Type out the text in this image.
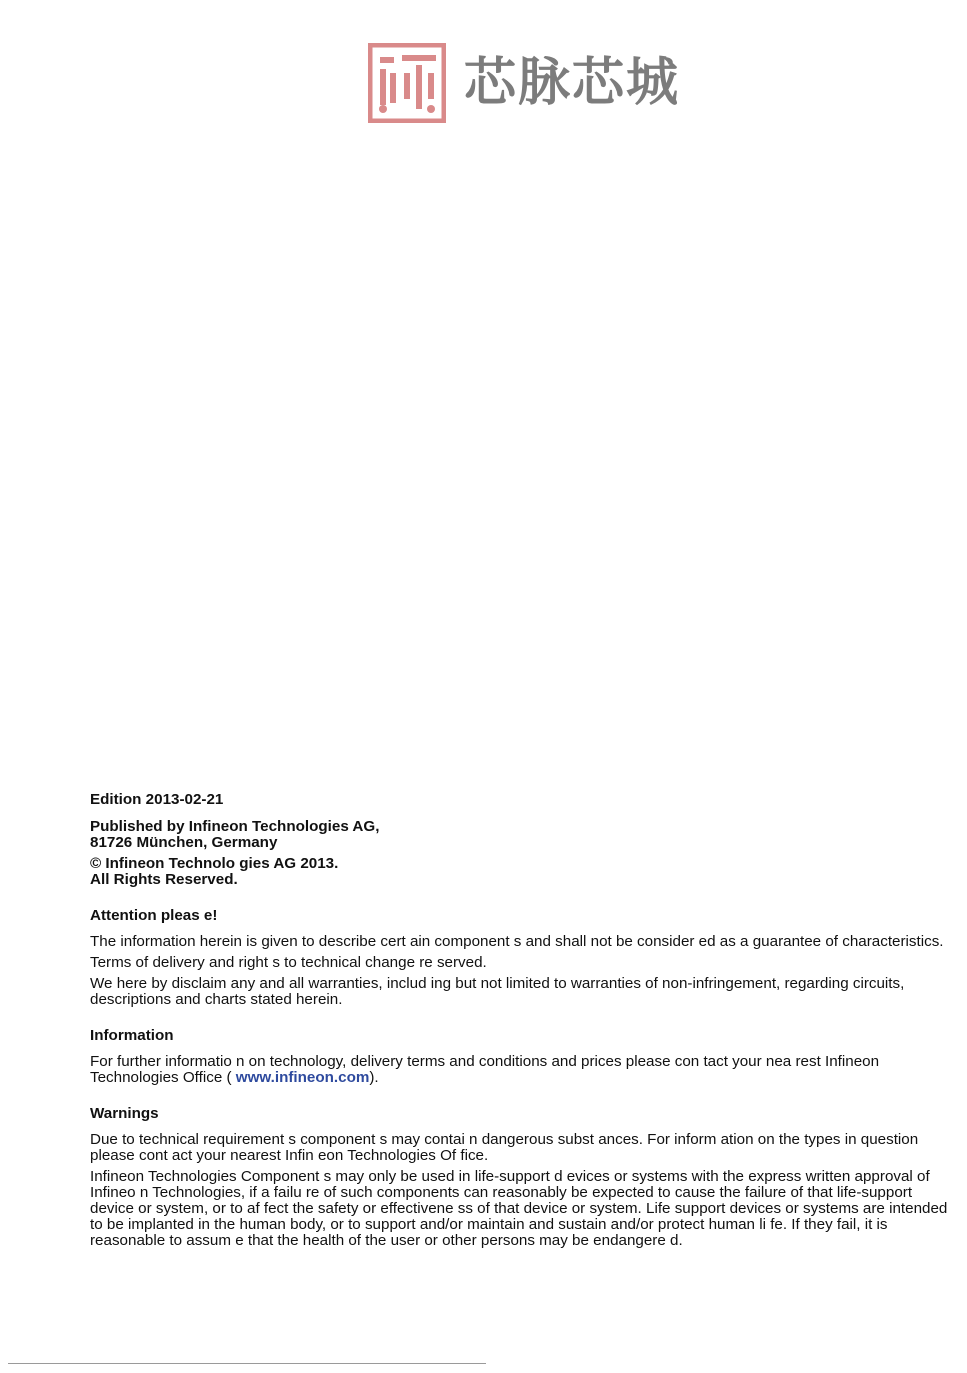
芯脉芯城

Edition 2013-02-21

Published by Infineon Technologies AG,

81726 München, Germany

© Infineon Technolo gies AG 2013.

All Rights Reserved.

Attention pleas e!

The information herein is given to describe cert ain component s and shall not be consider ed as a guarantee of characteristics.

Terms of delivery and right s to technical change re served.

We here by disclaim any and all warranties, includ ing but not limited to warranties of non-infringement, regarding circuits, descriptions and charts stated herein.

Information

For further informatio n on technology, delivery terms and conditions and prices please con tact your nea rest Infineon Technologies Office ( www.infineon.com).

Warnings

Due to technical requirement s component s may contai n dangerous subst ances. For inform ation on the types in question please cont act your nearest Infin eon Technologies Of fice.

Infineon Technologies Component s may only be used in life-support d evices or systems with the express written approval of Infineo n Technologies, if a failu re of such components can reasonably be expected to cause the failure of that life-support device or system, or to af fect the safety or effectivene ss of that device or system. Life support devices or systems are intended to be implanted in the human body, or to support and/or maintain and sustain and/or protect human li fe. If they fail, it is reasonable to assum e that the health of the user or other persons may be endangere d.
